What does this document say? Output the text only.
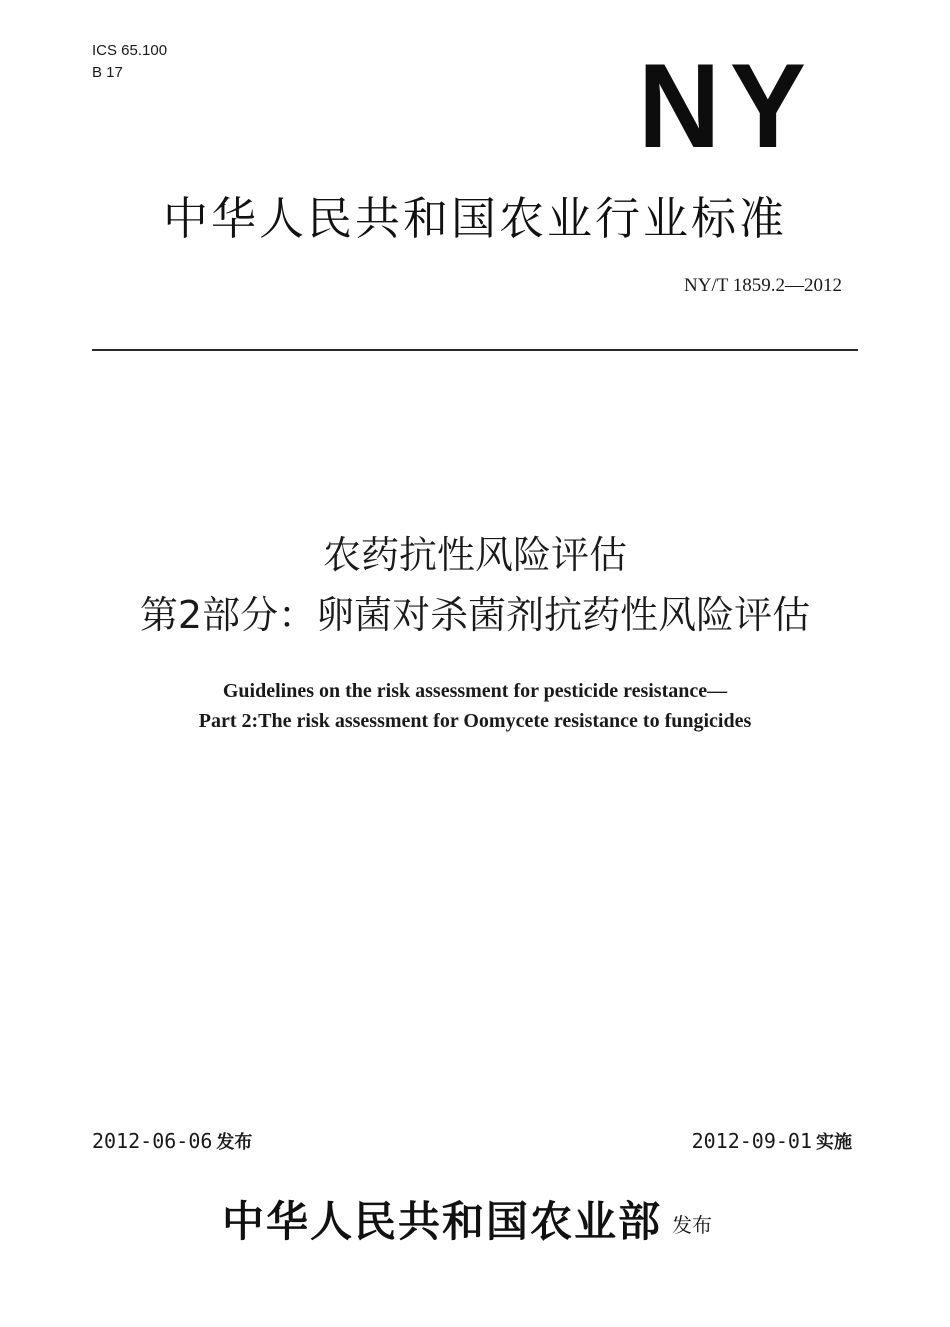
ICS 65.100
B 17	NY
中华人民共和国农业行业标准
NY/T 1859.2—2012
农药抗性风险评估
第2部分：卵菌对杀菌剂抗药性风险评估
Guidelines on the risk assessment for pesticide resistance—
Part 2:The risk assessment for Oomycete resistance to fungicides
2012-06-06 发布	2012-09-01 实施
中华人民共和国农业部 发布
